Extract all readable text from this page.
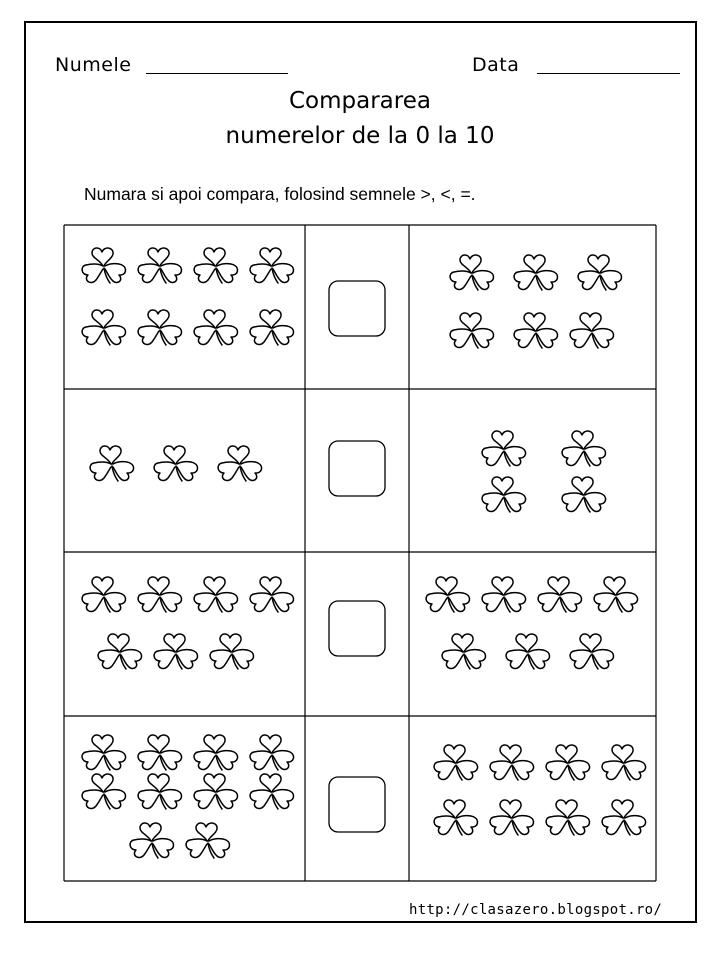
Numele	Data
Compararea
numerelor de la 0 la 10
Numara si apoi compara, folosind semnele >, <, =.
http://clasazero.blogspot.ro/
